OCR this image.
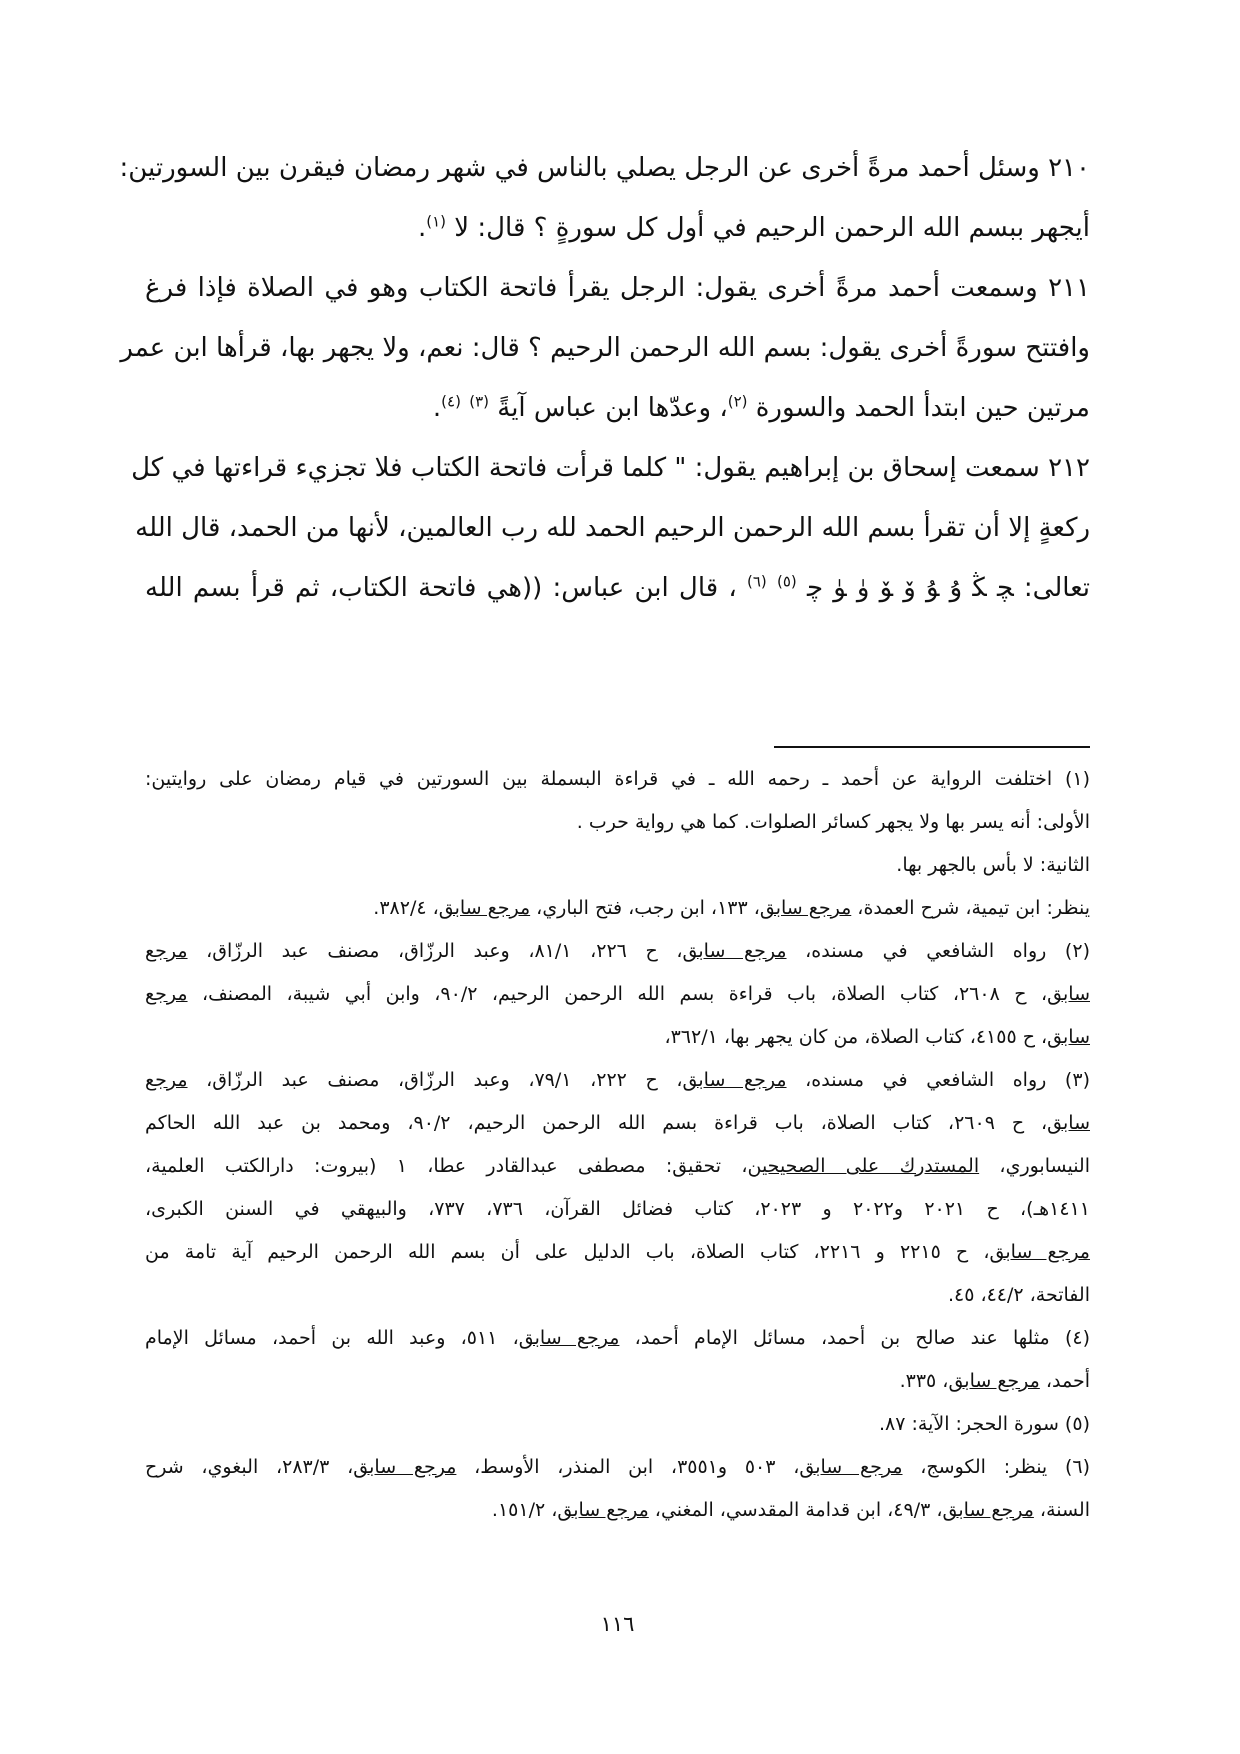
٢١٠ وسئل أحمد مرةً أخرى عن الرجل يصلي بالناس في شهر رمضان فيقرن بين السورتين:
أيجهر ببسم الله الرحمن الرحيم في أول كل سورةٍ ؟ قال: لا $^{(١)}$.
٢١١ وسمعت أحمد مرةً أخرى يقول: الرجل يقرأ فاتحة الكتاب وهو في الصلاة فإذا فرغ
وافتتح سورةً أخرى يقول: بسم الله الرحمن الرحيم ؟ قال: نعم، ولا يجهر بها، قرأها ابن عمر
مرتين حين ابتدأ الحمد والسورة $^{(٢)}$، وعدّها ابن عباس آيةً $^{(٣)}$ $^{(٤)}$.
٢١٢ سمعت إسحاق بن إبراهيم يقول: " كلما قرأت فاتحة الكتاب فلا تجزيء قراءتها في كل
ركعةٍ إلا أن تقرأ بسم الله الرحمن الرحيم الحمد لله رب العالمين، لأنها من الحمد، قال الله
تعالى: ﭽ ﯖ ﯗ ﯘ ﯙ ﯚ ﯛ ﯜ ﭼ $^{(٥)}$ $^{(٦)}$ ، قال ابن عباس: ((هي فاتحة الكتاب، ثم قرأ بسم الله
(١) اختلفت الرواية عن أحمد ـ رحمه الله ـ في قراءة البسملة بين السورتين في قيام رمضان على روايتين:
الأولى: أنه يسر بها ولا يجهر كسائر الصلوات. كما هي رواية حرب .
الثانية: لا بأس بالجهر بها.
ينظر: ابن تيمية، شرح العمدة، مرجع سابق، ١٣٣، ابن رجب، فتح الباري، مرجع سابق، ٣٨٢/٤.
(٢) رواه الشافعي في مسنده، مرجع سابق، ح ٢٢٦، ٨١/١، وعبد الرزّاق، مصنف عبد الرزّاق، مرجع
سابق، ح ٢٦٠٨، كتاب الصلاة، باب قراءة بسم الله الرحمن الرحيم، ٩٠/٢، وابن أبي شيبة، المصنف، مرجع
سابق، ح ٤١٥٥، كتاب الصلاة، من كان يجهر بها، ٣٦٢/١،
(٣) رواه الشافعي في مسنده، مرجع سابق، ح ٢٢٢، ٧٩/١، وعبد الرزّاق، مصنف عبد الرزّاق، مرجع
سابق، ح ٢٦٠٩، كتاب الصلاة، باب قراءة بسم الله الرحمن الرحيم، ٩٠/٢، ومحمد بن عبد الله الحاكم
النيسابوري، المستدرك على الصحيحين، تحقيق: مصطفى عبدالقادر عطا، ١ (بيروت: دارالكتب العلمية،
١٤١١هـ)، ح ٢٠٢١ و٢٠٢٢ و ٢٠٢٣، كتاب فضائل القرآن، ٧٣٦، ٧٣٧، والبيهقي في السنن الكبرى،
مرجع سابق، ح ٢٢١٥ و ٢٢١٦، كتاب الصلاة، باب الدليل على أن بسم الله الرحمن الرحيم آية تامة من
الفاتحة، ٤٤/٢، ٤٥.
(٤) مثلها عند صالح بن أحمد، مسائل الإمام أحمد، مرجع سابق، ٥١١، وعبد الله بن أحمد، مسائل الإمام
أحمد، مرجع سابق، ٣٣٥.
(٥) سورة الحجر: الآية: ٨٧.
(٦) ينظر: الكوسج، مرجع سابق، ٥٠٣ و٣٥٥١، ابن المنذر، الأوسط، مرجع سابق، ٢٨٣/٣، البغوي، شرح
السنة، مرجع سابق، ٤٩/٣، ابن قدامة المقدسي، المغني، مرجع سابق، ١٥١/٢.
١١٦
